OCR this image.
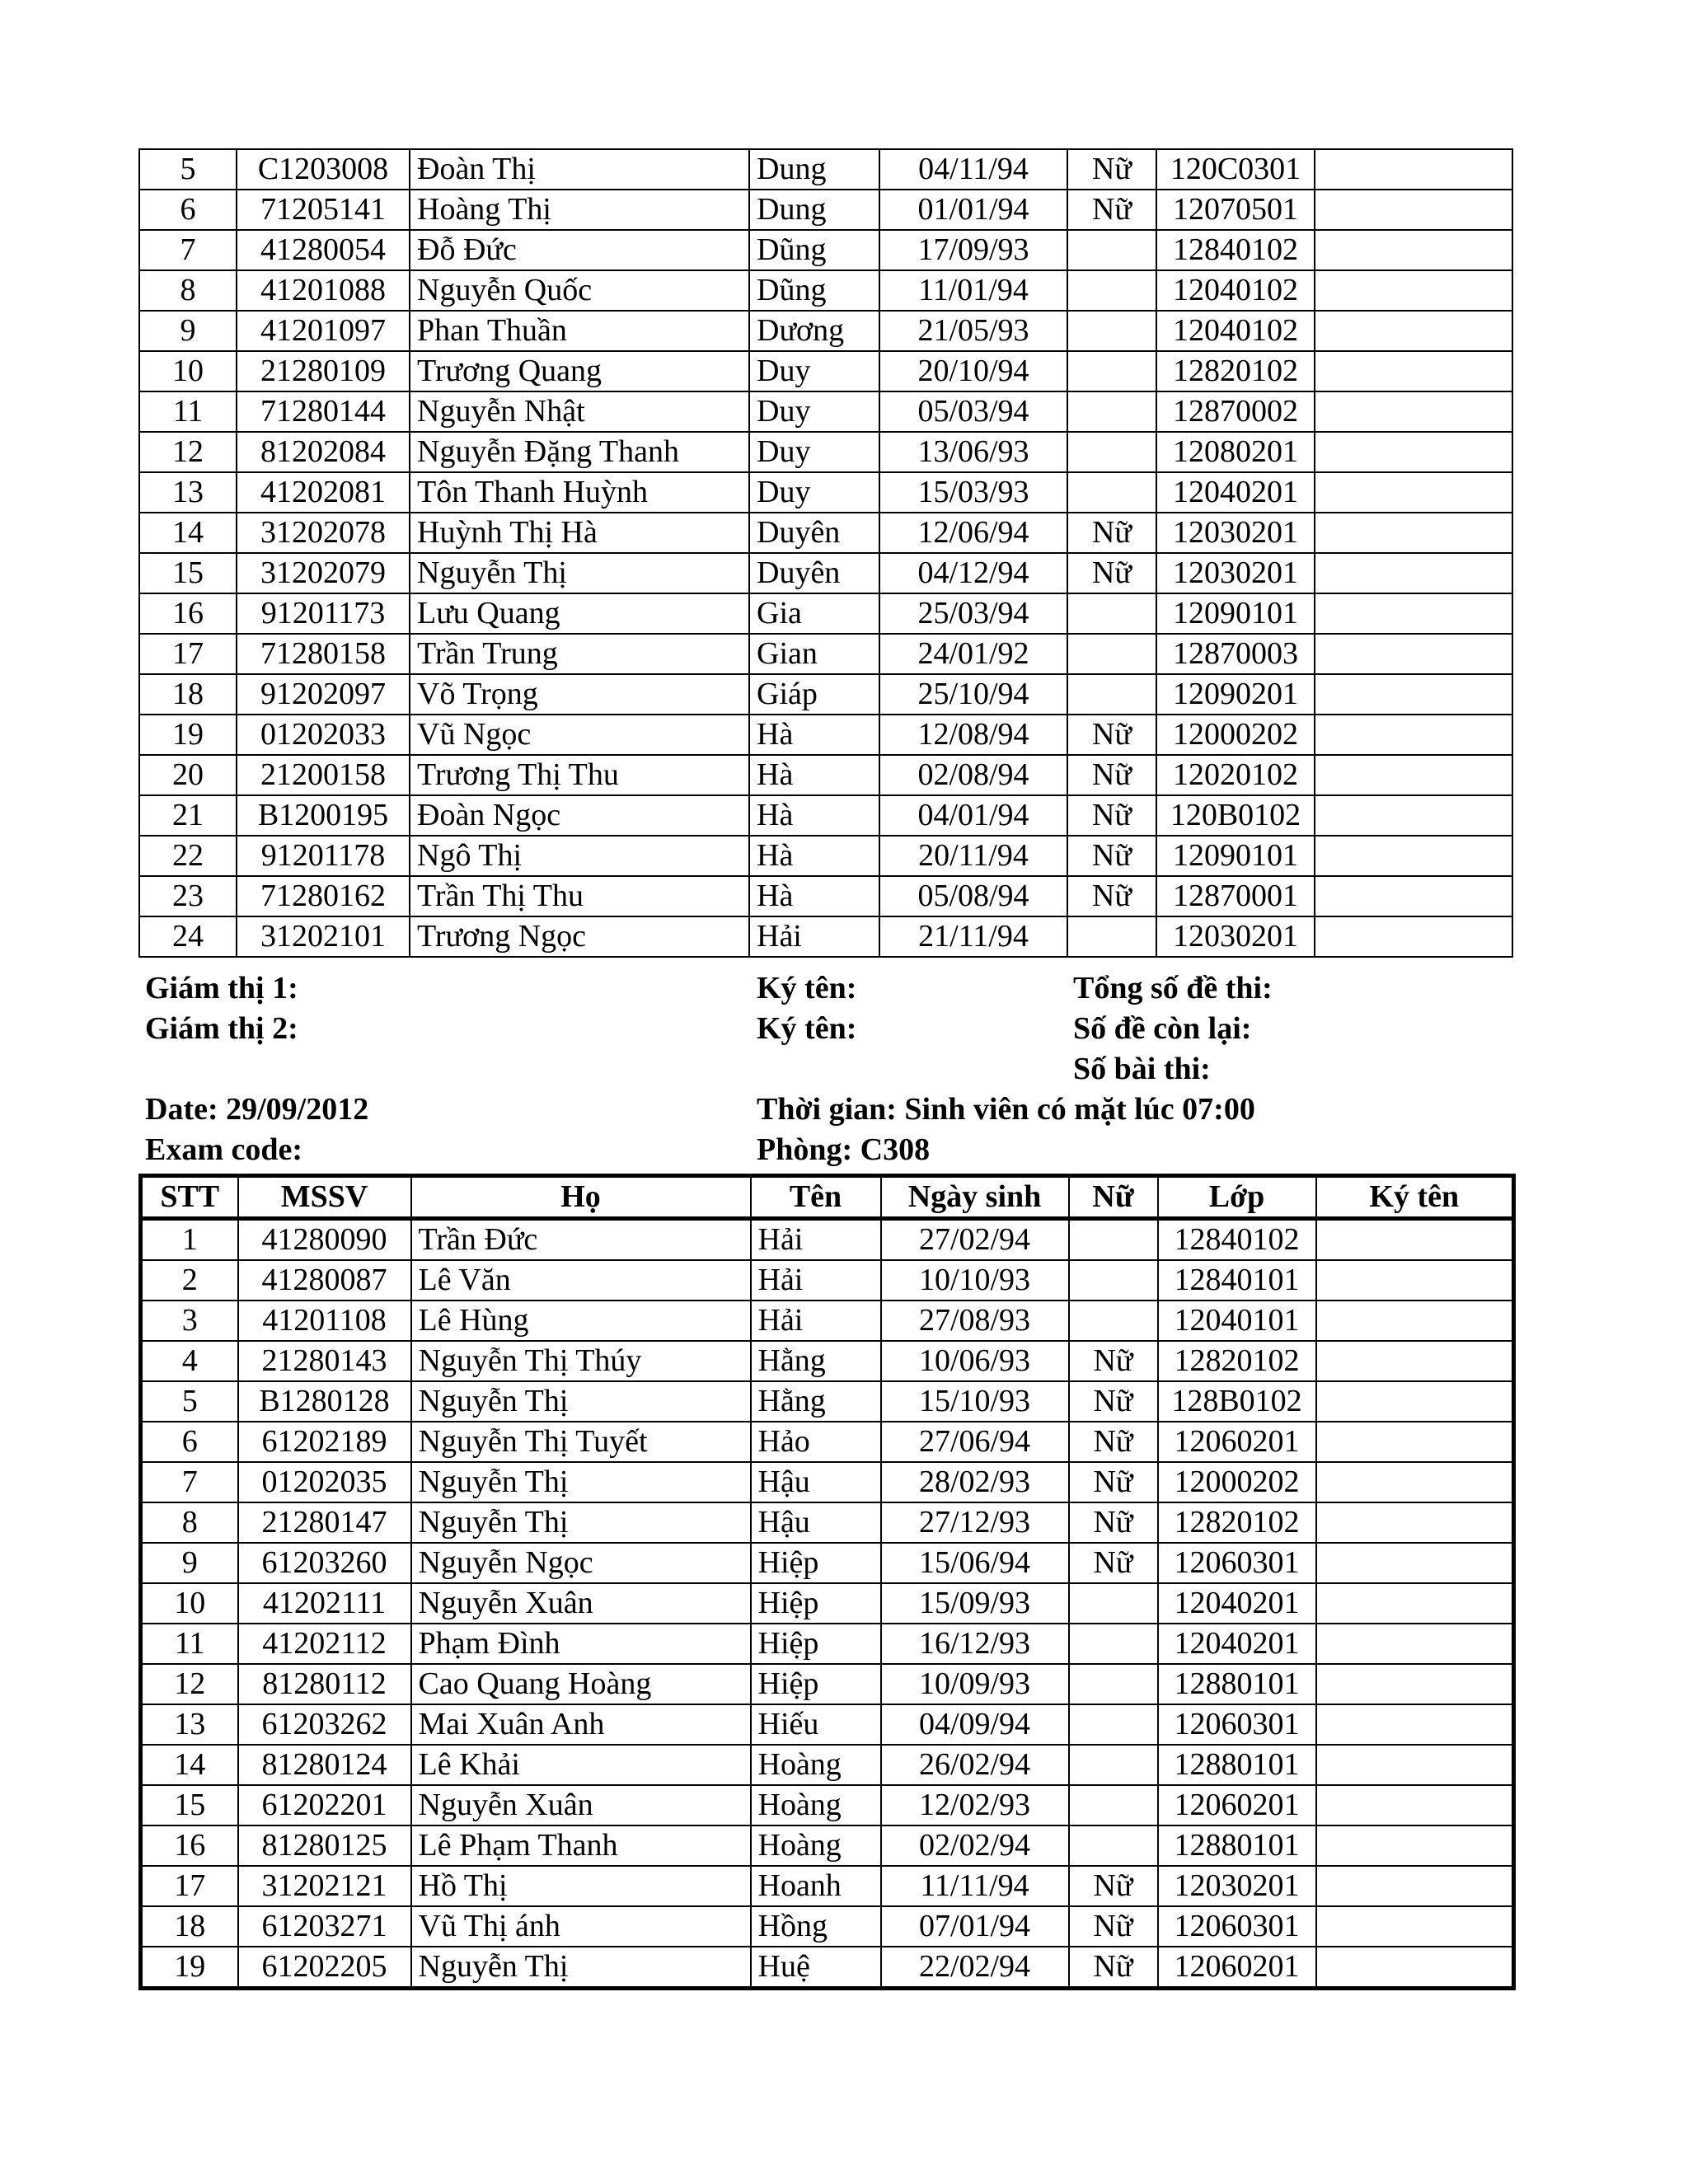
5	C1203008	Đoàn Thị	Dung	04/11/94	Nữ	120C0301	
6	71205141	Hoàng Thị	Dung	01/01/94	Nữ	12070501	
7	41280054	Đỗ Đức	Dũng	17/09/93		12840102	
8	41201088	Nguyễn Quốc	Dũng	11/01/94		12040102	
9	41201097	Phan Thuần	Dương	21/05/93		12040102	
10	21280109	Trương Quang	Duy	20/10/94		12820102	
11	71280144	Nguyễn Nhật	Duy	05/03/94		12870002	
12	81202084	Nguyễn Đặng Thanh	Duy	13/06/93		12080201	
13	41202081	Tôn Thanh Huỳnh	Duy	15/03/93		12040201	
14	31202078	Huỳnh Thị Hà	Duyên	12/06/94	Nữ	12030201	
15	31202079	Nguyễn Thị	Duyên	04/12/94	Nữ	12030201	
16	91201173	Lưu Quang	Gia	25/03/94		12090101	
17	71280158	Trần Trung	Gian	24/01/92		12870003	
18	91202097	Võ Trọng	Giáp	25/10/94		12090201	
19	01202033	Vũ Ngọc	Hà	12/08/94	Nữ	12000202	
20	21200158	Trương Thị Thu	Hà	02/08/94	Nữ	12020102	
21	B1200195	Đoàn Ngọc	Hà	04/01/94	Nữ	120B0102	
22	91201178	Ngô Thị	Hà	20/11/94	Nữ	12090101	
23	71280162	Trần Thị Thu	Hà	05/08/94	Nữ	12870001	
24	31202101	Trương Ngọc	Hải	21/11/94		12030201	
Giám thị 1:	Ký tên:	Tổng số đề thi:
Giám thị 2:	Ký tên:	Số đề còn lại:
Số bài thi:
Date: 29/09/2012	Thời gian: Sinh viên có mặt lúc 07:00
Exam code:	Phòng: C308
STT	MSSV	Họ	Tên	Ngày sinh	Nữ	Lớp	Ký tên
1	41280090	Trần Đức	Hải	27/02/94		12840102	
2	41280087	Lê Văn	Hải	10/10/93		12840101	
3	41201108	Lê Hùng	Hải	27/08/93		12040101	
4	21280143	Nguyễn Thị Thúy	Hằng	10/06/93	Nữ	12820102	
5	B1280128	Nguyễn Thị	Hằng	15/10/93	Nữ	128B0102	
6	61202189	Nguyễn Thị Tuyết	Hảo	27/06/94	Nữ	12060201	
7	01202035	Nguyễn Thị	Hậu	28/02/93	Nữ	12000202	
8	21280147	Nguyễn Thị	Hậu	27/12/93	Nữ	12820102	
9	61203260	Nguyễn Ngọc	Hiệp	15/06/94	Nữ	12060301	
10	41202111	Nguyễn Xuân	Hiệp	15/09/93		12040201	
11	41202112	Phạm Đình	Hiệp	16/12/93		12040201	
12	81280112	Cao Quang Hoàng	Hiệp	10/09/93		12880101	
13	61203262	Mai Xuân Anh	Hiếu	04/09/94		12060301	
14	81280124	Lê Khải	Hoàng	26/02/94		12880101	
15	61202201	Nguyễn Xuân	Hoàng	12/02/93		12060201	
16	81280125	Lê Phạm Thanh	Hoàng	02/02/94		12880101	
17	31202121	Hồ Thị	Hoanh	11/11/94	Nữ	12030201	
18	61203271	Vũ Thị ánh	Hồng	07/01/94	Nữ	12060301	
19	61202205	Nguyễn Thị	Huệ	22/02/94	Nữ	12060201	
